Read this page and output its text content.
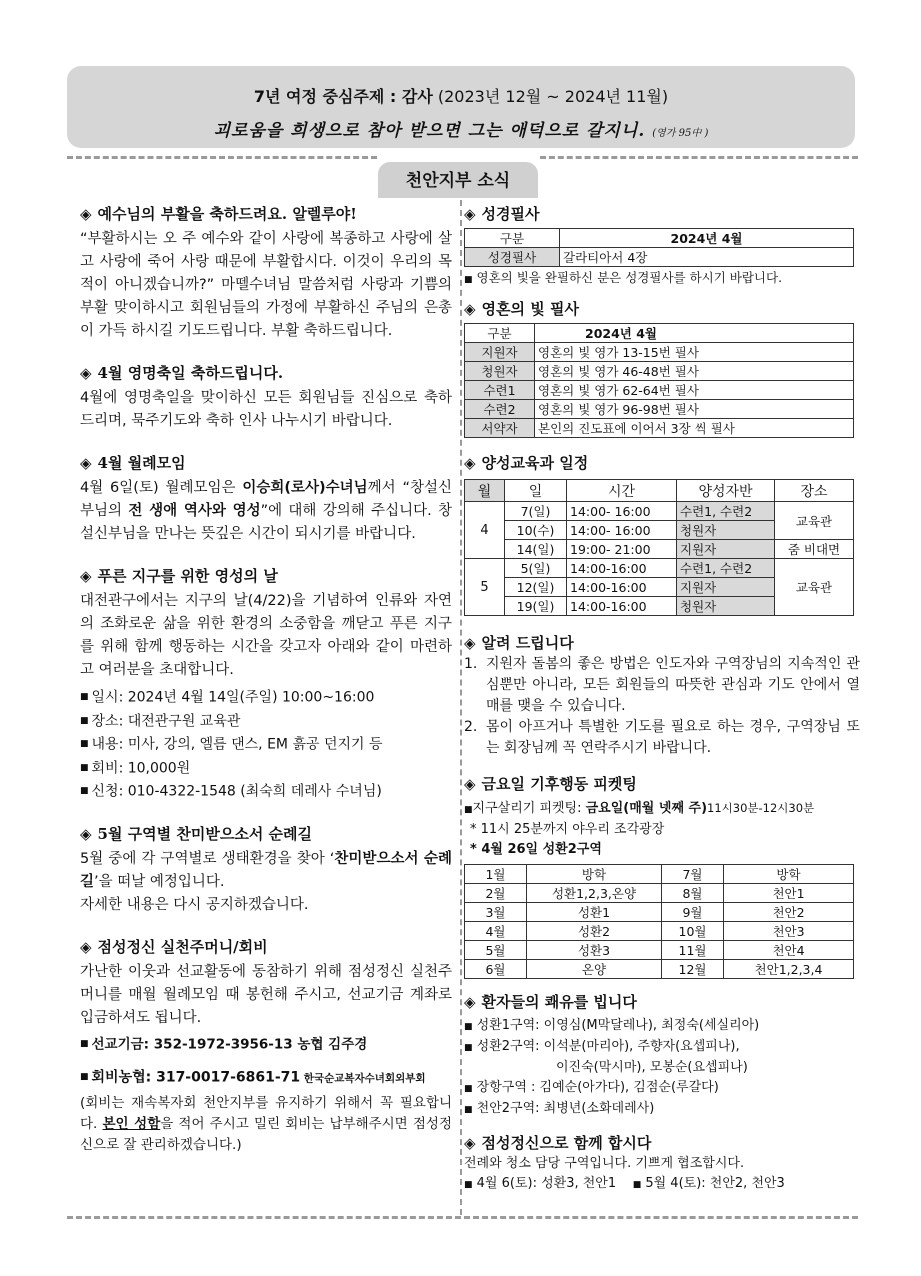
7년 여정 중심주제 : 감사 (2023년 12월 ~ 2024년 11월)
괴로움을 희생으로 참아 받으면 그는 애덕으로 갈지니. (영가 95中 )
천안지부 소식
◈ 예수님의 부활을 축하드려요. 알렐루야!

“부활하시는 오 주 예수와 같이 사랑에 복종하고 사랑에 살고 사랑에 죽어 사랑 때문에 부활합시다. 이것이 우리의 목적이 아니겠습니까?” 마뗄수녀님 말씀처럼 사랑과 기쁨의 부활 맞이하시고 회원님들의 가정에 부활하신 주님의 은총이 가득 하시길 기도드립니다. 부활 축하드립니다.

◈ 4월 영명축일 축하드립니다.

4월에 영명축일을 맞이하신 모든 회원님들 진심으로 축하드리며, 묵주기도와 축하 인사 나누시기 바랍니다.

◈ 4월 월례모임

4월 6일(토) 월례모임은 이승희(로사)수녀님께서 “창설신부님의 전 생애 역사와 영성”에 대해 강의해 주십니다. 창설신부님을 만나는 뜻깊은 시간이 되시기를 바랍니다.

◈ 푸른 지구를 위한 영성의 날

대전관구에서는 지구의 날(4/22)을 기념하여 인류와 자연의 조화로운 삶을 위한 환경의 소중함을 깨닫고 푸른 지구를 위해 함께 행동하는 시간을 갖고자 아래와 같이 마련하고 여러분을 초대합니다.

■ 일시: 2024년 4월 14일(주일) 10:00~16:00
■ 장소: 대전관구원 교육관
■ 내용: 미사, 강의, 엘름 댄스, EM 흙공 던지기 등
■ 회비: 10,000원
■ 신청: 010-4322-1548 (최숙희 데레사 수녀님)
◈ 5월 구역별 찬미받으소서 순례길

5월 중에 각 구역별로 생태환경을 찾아 ‘찬미받으소서 순례길’을 떠날 예정입니다.
자세한 내용은 다시 공지하겠습니다.

◈ 점성정신 실천주머니/회비

가난한 이웃과 선교활동에 동참하기 위해 점성정신 실천주머니를 매월 월례모임 때 봉헌해 주시고, 선교기금 계좌로 입금하셔도 됩니다.

■ 선교기금: 352-1972-3956-13 농협 김주경
■ 회비농협: 317-0017-6861-71 한국순교복자수녀회외부회

(회비는 재속복자회 천안지부를 유지하기 위해서 꼭 필요합니다. 본인 성함을 적어 주시고 밀린 회비는 납부해주시면 점성정신으로 잘 관리하겠습니다.)

◈ 성경필사
구분	2024년 4월
성경필사	갈라티아서 4장
■ 영혼의 빛을 완필하신 분은 성경필사를 하시기 바랍니다.
◈ 영혼의 빛 필사
구분	2024년 4월
지원자	영혼의 빛 영가 13-15번 필사
청원자	영혼의 빛 영가 46-48번 필사
수련1	영혼의 빛 영가 62-64번 필사
수련2	영혼의 빛 영가 96-98번 필사
서약자	본인의 진도표에 이어서 3장 씩 필사
◈ 양성교육과 일정
월	일	시간	양성자반	장소
4	7(일)	14:00- 16:00	수련1, 수련2	교육관
	10(수)	14:00- 16:00	청원자	
	14(일)	19:00- 21:00	지원자	줌 비대면
5	5(일)	14:00-16:00	수련1, 수련2	교육관
	12(일)	14:00-16:00	지원자	
	19(일)	14:00-16:00	청원자	
◈ 알려 드립니다
1. 지원자 돌봄의 좋은 방법은 인도자와 구역장님의 지속적인 관심뿐만 아니라, 모든 회원들의 따뜻한 관심과 기도 안에서 열매를 맺을 수 있습니다.
2. 몸이 아프거나 특별한 기도를 필요로 하는 경우, 구역장님 또는 회장님께 꼭 연락주시기 바랍니다.
◈ 금요일 기후행동 피켓팅
■지구살리기 피켓팅: 금요일(매월 넷째 주)11시30분-12시30분
* 11시 25분까지 야우리 조각광장
* 4월 26일 성환2구역
1월	방학	7월	방학
2월	성환1,2,3,온양	8월	천안1
3월	성환1	9월	천안2
4월	성환2	10월	천안3
5월	성환3	11월	천안4
6월	온양	12월	천안1,2,3,4
◈ 환자들의 쾌유를 빕니다
■ 성환1구역: 이영심(M막달레나), 최정숙(세실리아)
■ 성환2구역: 이석분(마리아), 주향자(요셉피나),
이진숙(막시마), 모봉순(요셉피나)
■ 장항구역 : 김예순(아가다), 김점순(루갈다)
■ 천안2구역: 최병년(소화데레사)
◈ 점성정신으로 함께 합시다
전례와 청소 담당 구역입니다. 기쁘게 협조합시다.
■ 4월 6(토): 성환3, 천안1 ■ 5월 4(토): 천안2, 천안3
